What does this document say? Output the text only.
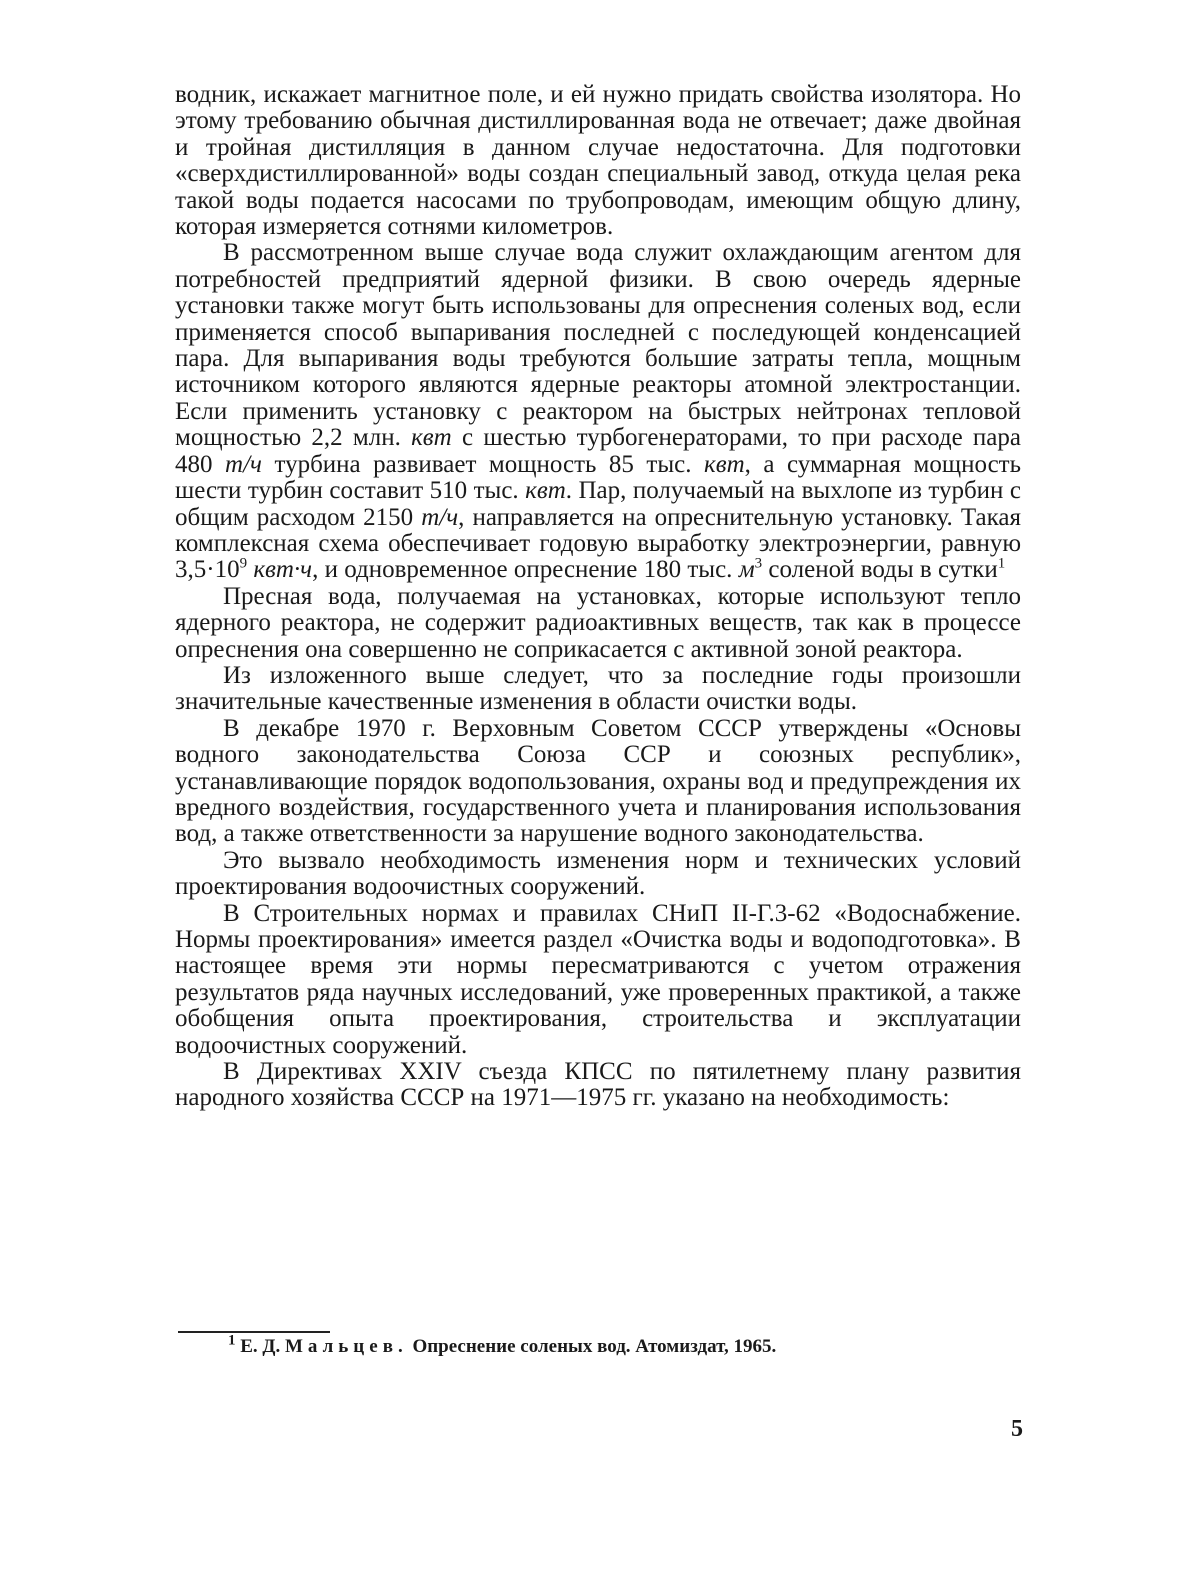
водник, искажает магнитное поле, и ей нужно придать свойства изолятора. Но этому требованию обычная дистиллированная вода не отвечает; даже двойная и тройная дистилляция в данном случае недостаточна. Для подготовки «сверхдистиллированной» воды создан специальный завод, откуда целая река такой воды подается насосами по трубопроводам, имеющим общую длину, которая измеряется сотнями километров.

В рассмотренном выше случае вода служит охлаждающим агентом для потребностей предприятий ядерной физики. В свою очередь ядерные установки также могут быть использованы для опреснения соленых вод, если применяется способ выпаривания последней с последующей конденсацией пара. Для выпаривания воды требуются большие затраты тепла, мощным источником которого являются ядерные реакторы атомной электростанции. Если применить установку с реактором на быстрых нейтронах тепловой мощностью 2,2 млн. квт с шестью турбогенераторами, то при расходе пара 480 т/ч турбина развивает мощность 85 тыс. квт, а суммарная мощность шести турбин составит 510 тыс. квт. Пар, получаемый на выхлопе из турбин с общим расходом 2150 т/ч, направляется на опреснительную установку. Такая комплексная схема обеспечивает годовую выработку электроэнергии, равную $3,5\cdot 10^9$ квт·ч, и одновременное опреснение 180 тыс. $м^3$ соленой воды в сутки$^1$

Пресная вода, получаемая на установках, которые используют тепло ядерного реактора, не содержит радиоактивных веществ, так как в процессе опреснения она совершенно не соприкасается с активной зоной реактора.

Из изложенного выше следует, что за последние годы произошли значительные качественные изменения в области очистки воды.

В декабре 1970 г. Верховным Советом СССР утверждены «Основы водного законодательства Союза ССР и союзных республик», устанавливающие порядок водопользования, охраны вод и предупреждения их вредного воздействия, государственного учета и планирования использования вод, а также ответственности за нарушение водного законодательства.

Это вызвало необходимость изменения норм и технических условий проектирования водоочистных сооружений.

В Строительных нормах и правилах СНиП II-Г.3-62 «Водоснабжение. Нормы проектирования» имеется раздел «Очистка воды и водоподготовка». В настоящее время эти нормы пересматриваются с учетом отражения результатов ряда научных исследований, уже проверенных практикой, а также обобщения опыта проектирования, строительства и эксплуатации водоочистных сооружений.

В Директивах XXIV съезда КПСС по пятилетнему плану развития народного хозяйства СССР на 1971—1975 гг. указано на необходимость:

$^1$ Е. Д. Мальцев. Опреснение соленых вод. Атомиздат, 1965.
5
